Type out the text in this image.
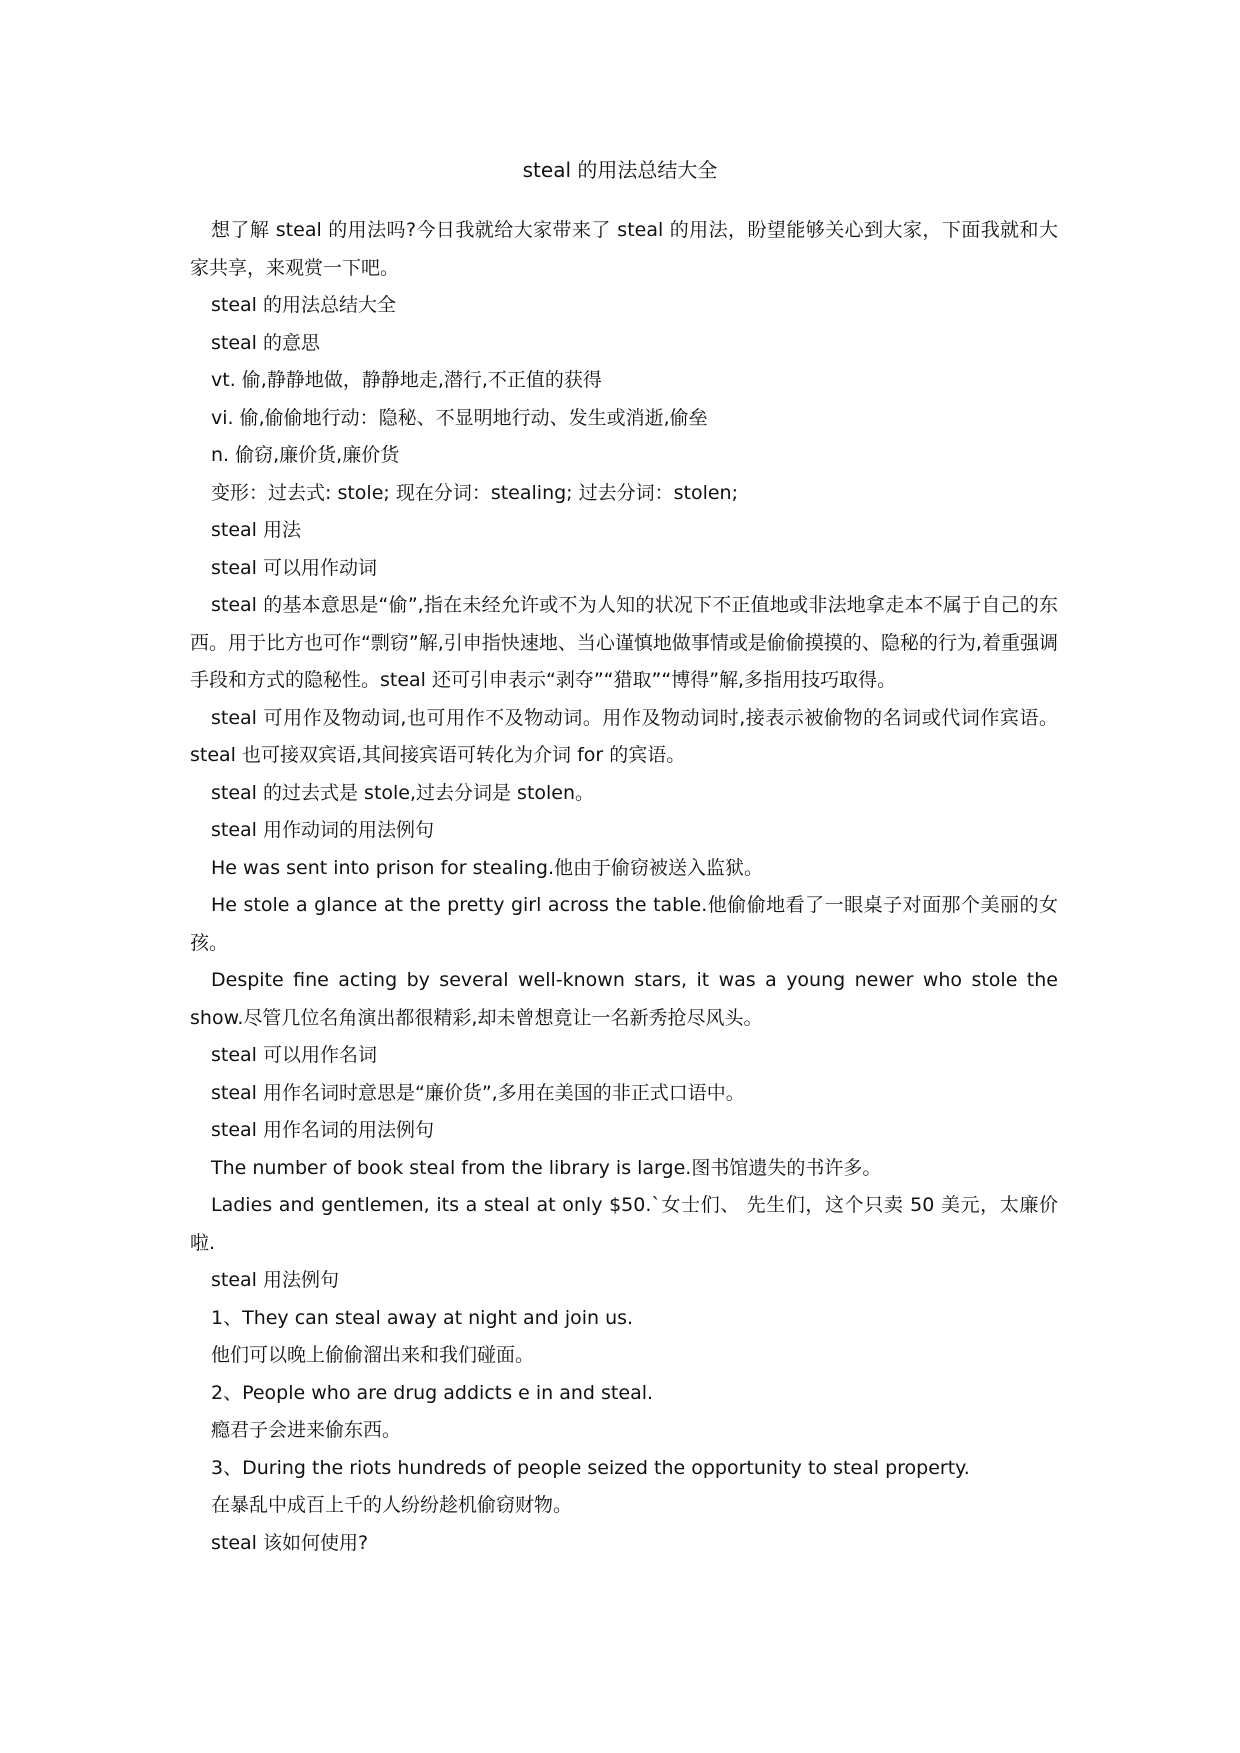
steal 的用法总结大全

想了解 steal 的用法吗?今日我就给大家带来了 steal 的用法，盼望能够关心到大家，下面我就和大家共享，来观赏一下吧。

steal 的用法总结大全

steal 的意思

vt. 偷,静静地做，静静地走,潜行,不正值的获得

vi. 偷,偷偷地行动：隐秘、不显明地行动、发生或消逝,偷垒

n. 偷窃,廉价货,廉价货

变形：过去式: stole; 现在分词：stealing; 过去分词：stolen;

steal 用法

steal 可以用作动词

steal 的基本意思是“偷”,指在未经允许或不为人知的状况下不正值地或非法地拿走本不属于自己的东西。用于比方也可作“剽窃”解,引申指快速地、当心谨慎地做事情或是偷偷摸摸的、隐秘的行为,着重强调手段和方式的隐秘性。steal 还可引申表示“剥夺”“猎取”“博得”解,多指用技巧取得。

steal 可用作及物动词,也可用作不及物动词。用作及物动词时,接表示被偷物的名词或代词作宾语。steal 也可接双宾语,其间接宾语可转化为介词 for 的宾语。

steal 的过去式是 stole,过去分词是 stolen。

steal 用作动词的用法例句

He was sent into prison for stealing.他由于偷窃被送入监狱。

He stole a glance at the pretty girl across the table.他偷偷地看了一眼桌子对面那个美丽的女孩。

Despite fine acting by several well-known stars, it was a young newer who stole the show.尽管几位名角演出都很精彩,却未曾想竟让一名新秀抢尽风头。

steal 可以用作名词

steal 用作名词时意思是“廉价货”,多用在美国的非正式口语中。

steal 用作名词的用法例句

The number of book steal from the library is large.图书馆遗失的书许多。

Ladies and gentlemen, its a steal at only $50.`女士们、 先生们，这个只卖 50 美元，太廉价啦.

steal 用法例句

1、They can steal away at night and join us.

他们可以晚上偷偷溜出来和我们碰面。

2、People who are drug addicts e in and steal.

瘾君子会进来偷东西。

3、During the riots hundreds of people seized the opportunity to steal property.

在暴乱中成百上千的人纷纷趁机偷窃财物。

steal 该如何使用?
